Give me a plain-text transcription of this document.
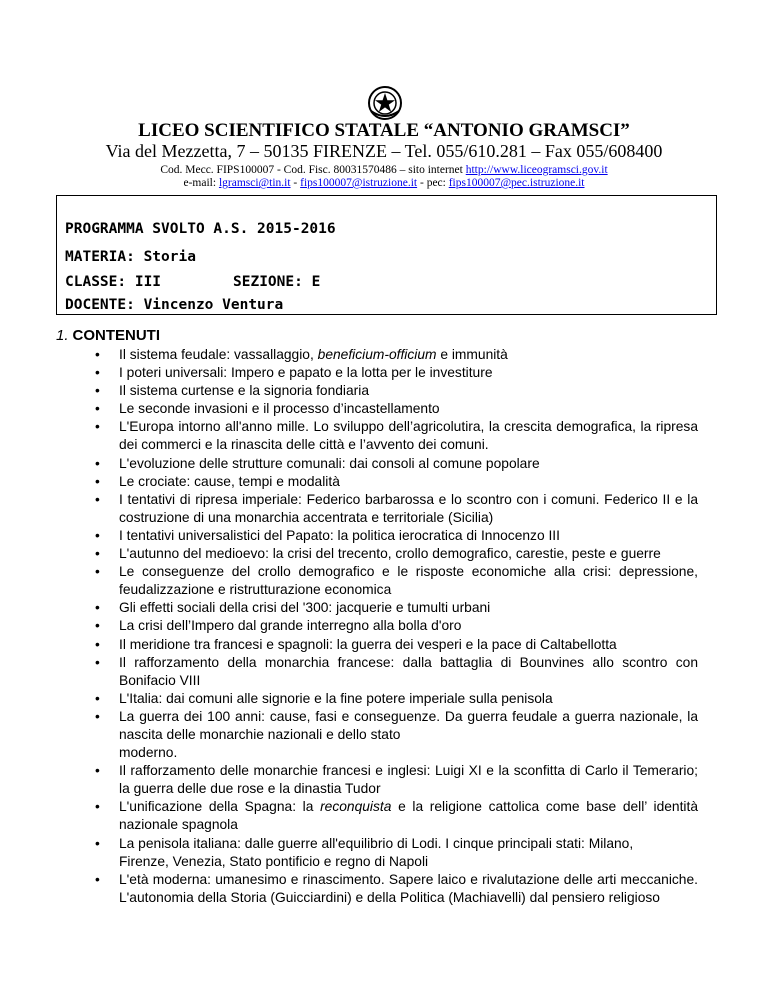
LICEO SCIENTIFICO STATALE “ANTONIO GRAMSCI”
Via del Mezzetta, 7 – 50135 FIRENZE – Tel. 055/610.281 – Fax 055/608400
Cod. Mecc. FIPS100007 - Cod. Fisc. 80031570486 – sito internet http://www.liceogramsci.gov.it
e-mail: lgramsci@tin.it - fips100007@istruzione.it - pec: fips100007@pec.istruzione.it
PROGRAMMA SVOLTO A.S. 2015-2016
MATERIA: Storia
CLASSE: III	SEZIONE: E
DOCENTE: Vincenzo Ventura
1. CONTENUTI
• Il sistema feudale: vassallaggio, beneficium-officium e immunità
• I poteri universali: Impero e papato e la lotta per le investiture
• Il sistema curtense e la signoria fondiaria
• Le seconde invasioni e il processo d’incastellamento
• L'Europa intorno all'anno mille. Lo sviluppo dell’agricolutira, la crescita demografica, la ripresa dei commerci e la rinascita delle città e l’avvento dei comuni.
• L'evoluzione delle strutture comunali: dai consoli al comune popolare
• Le crociate: cause, tempi e modalità
• I tentativi di ripresa imperiale: Federico barbarossa e lo scontro con i comuni. Federico II e la costruzione di una monarchia accentrata e territoriale (Sicilia)
• I tentativi universalistici del Papato: la politica ierocratica di Innocenzo III
• L'autunno del medioevo: la crisi del trecento, crollo demografico, carestie, peste e guerre
• Le conseguenze del crollo demografico e le risposte economiche alla crisi: depressione, feudalizzazione e ristrutturazione economica
• Gli effetti sociali della crisi del '300: jacquerie e tumulti urbani
• La crisi dell’Impero dal grande interregno alla bolla d'oro
• Il meridione tra francesi e spagnoli: la guerra dei vesperi e la pace di Caltabellotta
• Il rafforzamento della monarchia francese: dalla battaglia di Bounvines allo scontro con Bonifacio VIII
• L'Italia: dai comuni alle signorie e la fine potere imperiale sulla penisola
• La guerra dei 100 anni: cause, fasi e conseguenze. Da guerra feudale a guerra nazionale, la nascita delle monarchie nazionali e dello stato
moderno.
• Il rafforzamento delle monarchie francesi e inglesi: Luigi XI e la sconfitta di Carlo il Temerario; la guerra delle due rose e la dinastia Tudor
• L'unificazione della Spagna: la reconquista e la religione cattolica come base dell’ identità nazionale spagnola
• La penisola italiana: dalle guerre all'equilibrio di Lodi. I cinque principali stati: Milano,
Firenze, Venezia, Stato pontificio e regno di Napoli
• L'età moderna: umanesimo e rinascimento. Sapere laico e rivalutazione delle arti meccaniche. L'autonomia della Storia (Guicciardini) e della Politica (Machiavelli) dal pensiero religioso
